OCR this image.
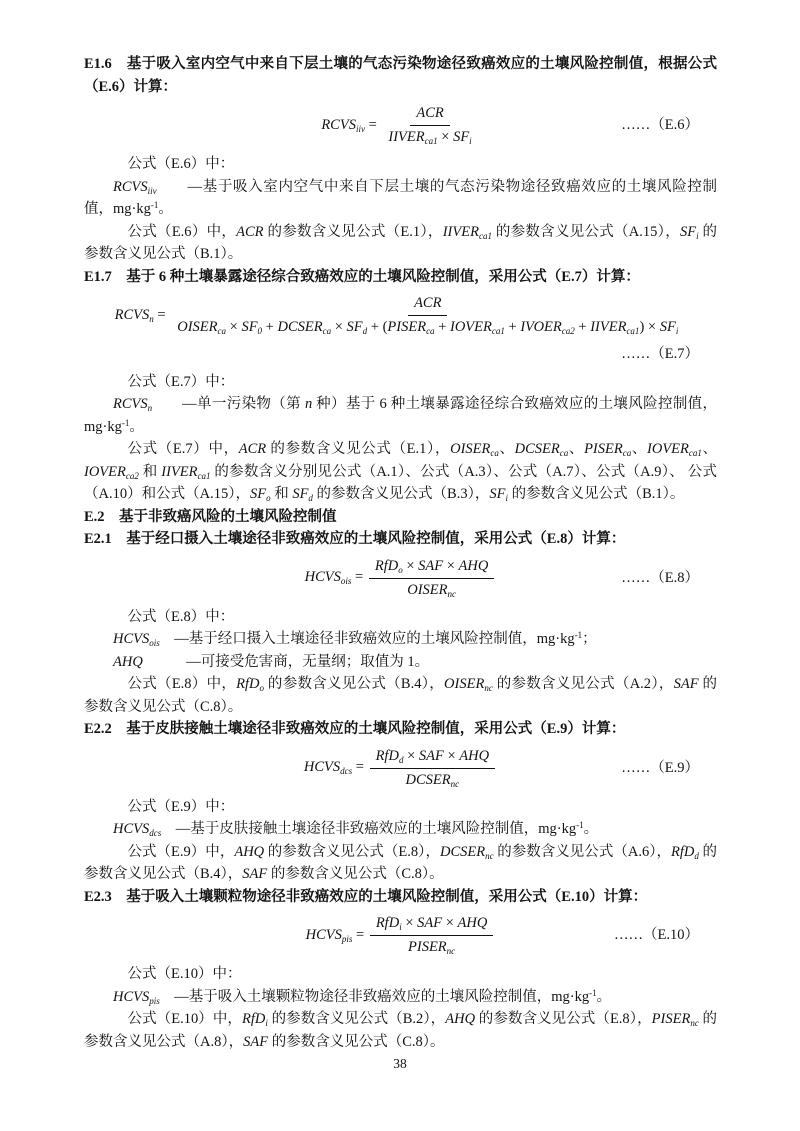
E1.6　基于吸入室内空气中来自下层土壤的气态污染物途径致癌效应的土壤风险控制值，根据公式（E.6）计算：
$RCVS_{iiv} = \frac{\text{ACR}}{IIVER_{ca1} \times SF_i}$	……（E.6）
公式（E.6）中：
$RCVS_{iiv}$　　—基于吸入室内空气中来自下层土壤的气态污染物途径致癌效应的土壤风险控制值，$mg\cdot kg^{-1}$。
公式（E.6）中，ACR 的参数含义见公式（E.1），$IIVER_{ca1}$ 的参数含义见公式（A.15），$SF_i$ 的参数含义见公式（B.1）。
E1.7　基于 6 种土壤暴露途径综合致癌效应的土壤风险控制值，采用公式（E.7）计算：
$RCVS_n$ =
ACR
$OISER_{ca} \times SF_0$ + $DCSER_{ca} \times SF_d$ + ($PISER_{ca}$ + $IOVER_{ca1}$ + $IVOER_{ca2}$ + $IIVER_{ca1}) \times SF_i$
……（E.7）
公式（E.7）中：
$RCVS_n$　　—单一污染物（第 n 种）基于 6 种土壤暴露途径综合致癌效应的土壤风险控制值，$mg\cdot kg^{-1}$。
公式（E.7）中，ACR 的参数含义见公式（E.1），$OISER_{ca}$、$DCSER_{ca}$、$PISER_{ca}$、$IOVER_{ca1}$、 $IOVER_{ca2}$ 和 $IIVER_{ca1}$ 的参数含义分别见公式（A.1）、公式（A.3）、公式（A.7）、公式（A.9）、 公式（A.10）和公式（A.15），$SF_o$ 和 $SF_d$ 的参数含义见公式（B.3），$SF_i$ 的参数含义见公式（B.1）。
E.2　基于非致癌风险的土壤风险控制值
E2.1　基于经口摄入土壤途径非致癌效应的土壤风险控制值，采用公式（E.8）计算：
$HCVS_{ois} = \frac{RfD_o \times SAF \times AHQ}{OISER_{nc}}$	……（E.8）
公式（E.8）中：
$HCVS_{ois}$　—基于经口摄入土壤途径非致癌效应的土壤风险控制值，$mg\cdot kg^{-1}$；
AHQ　　　—可接受危害商，无量纲；取值为 1。
公式（E.8）中，RfD$_o$ 的参数含义见公式（B.4），$OISER_{nc}$ 的参数含义见公式（A.2），SAF 的参数含义见公式（C.8）。
E2.2　基于皮肤接触土壤途径非致癌效应的土壤风险控制值，采用公式（E.9）计算：
$HCVS_{dcs} = \frac{RfD_d \times SAF \times AHQ}{DCSER_{nc}}$	……（E.9）
公式（E.9）中：
$HCVS_{dcs}$　—基于皮肤接触土壤途径非致癌效应的土壤风险控制值，$mg\cdot kg^{-1}$。
公式（E.9）中，AHQ 的参数含义见公式（E.8），$DCSER_{nc}$ 的参数含义见公式（A.6），RfD$_d$ 的参数含义见公式（B.4），SAF 的参数含义见公式（C.8）。
E2.3　基于吸入土壤颗粒物途径非致癌效应的土壤风险控制值，采用公式（E.10）计算：
$HCVS_{pis} = \frac{RfD_i \times SAF \times AHQ}{PISER_{nc}}$	……（E.10）
公式（E.10）中：
$HCVS_{pis}$　—基于吸入土壤颗粒物途径非致癌效应的土壤风险控制值，$mg\cdot kg^{-1}$。
公式（E.10）中，RfD$_i$ 的参数含义见公式（B.2），AHQ 的参数含义见公式（E.8），$PISER_{nc}$ 的参数含义见公式（A.8），SAF 的参数含义见公式（C.8）。
38
